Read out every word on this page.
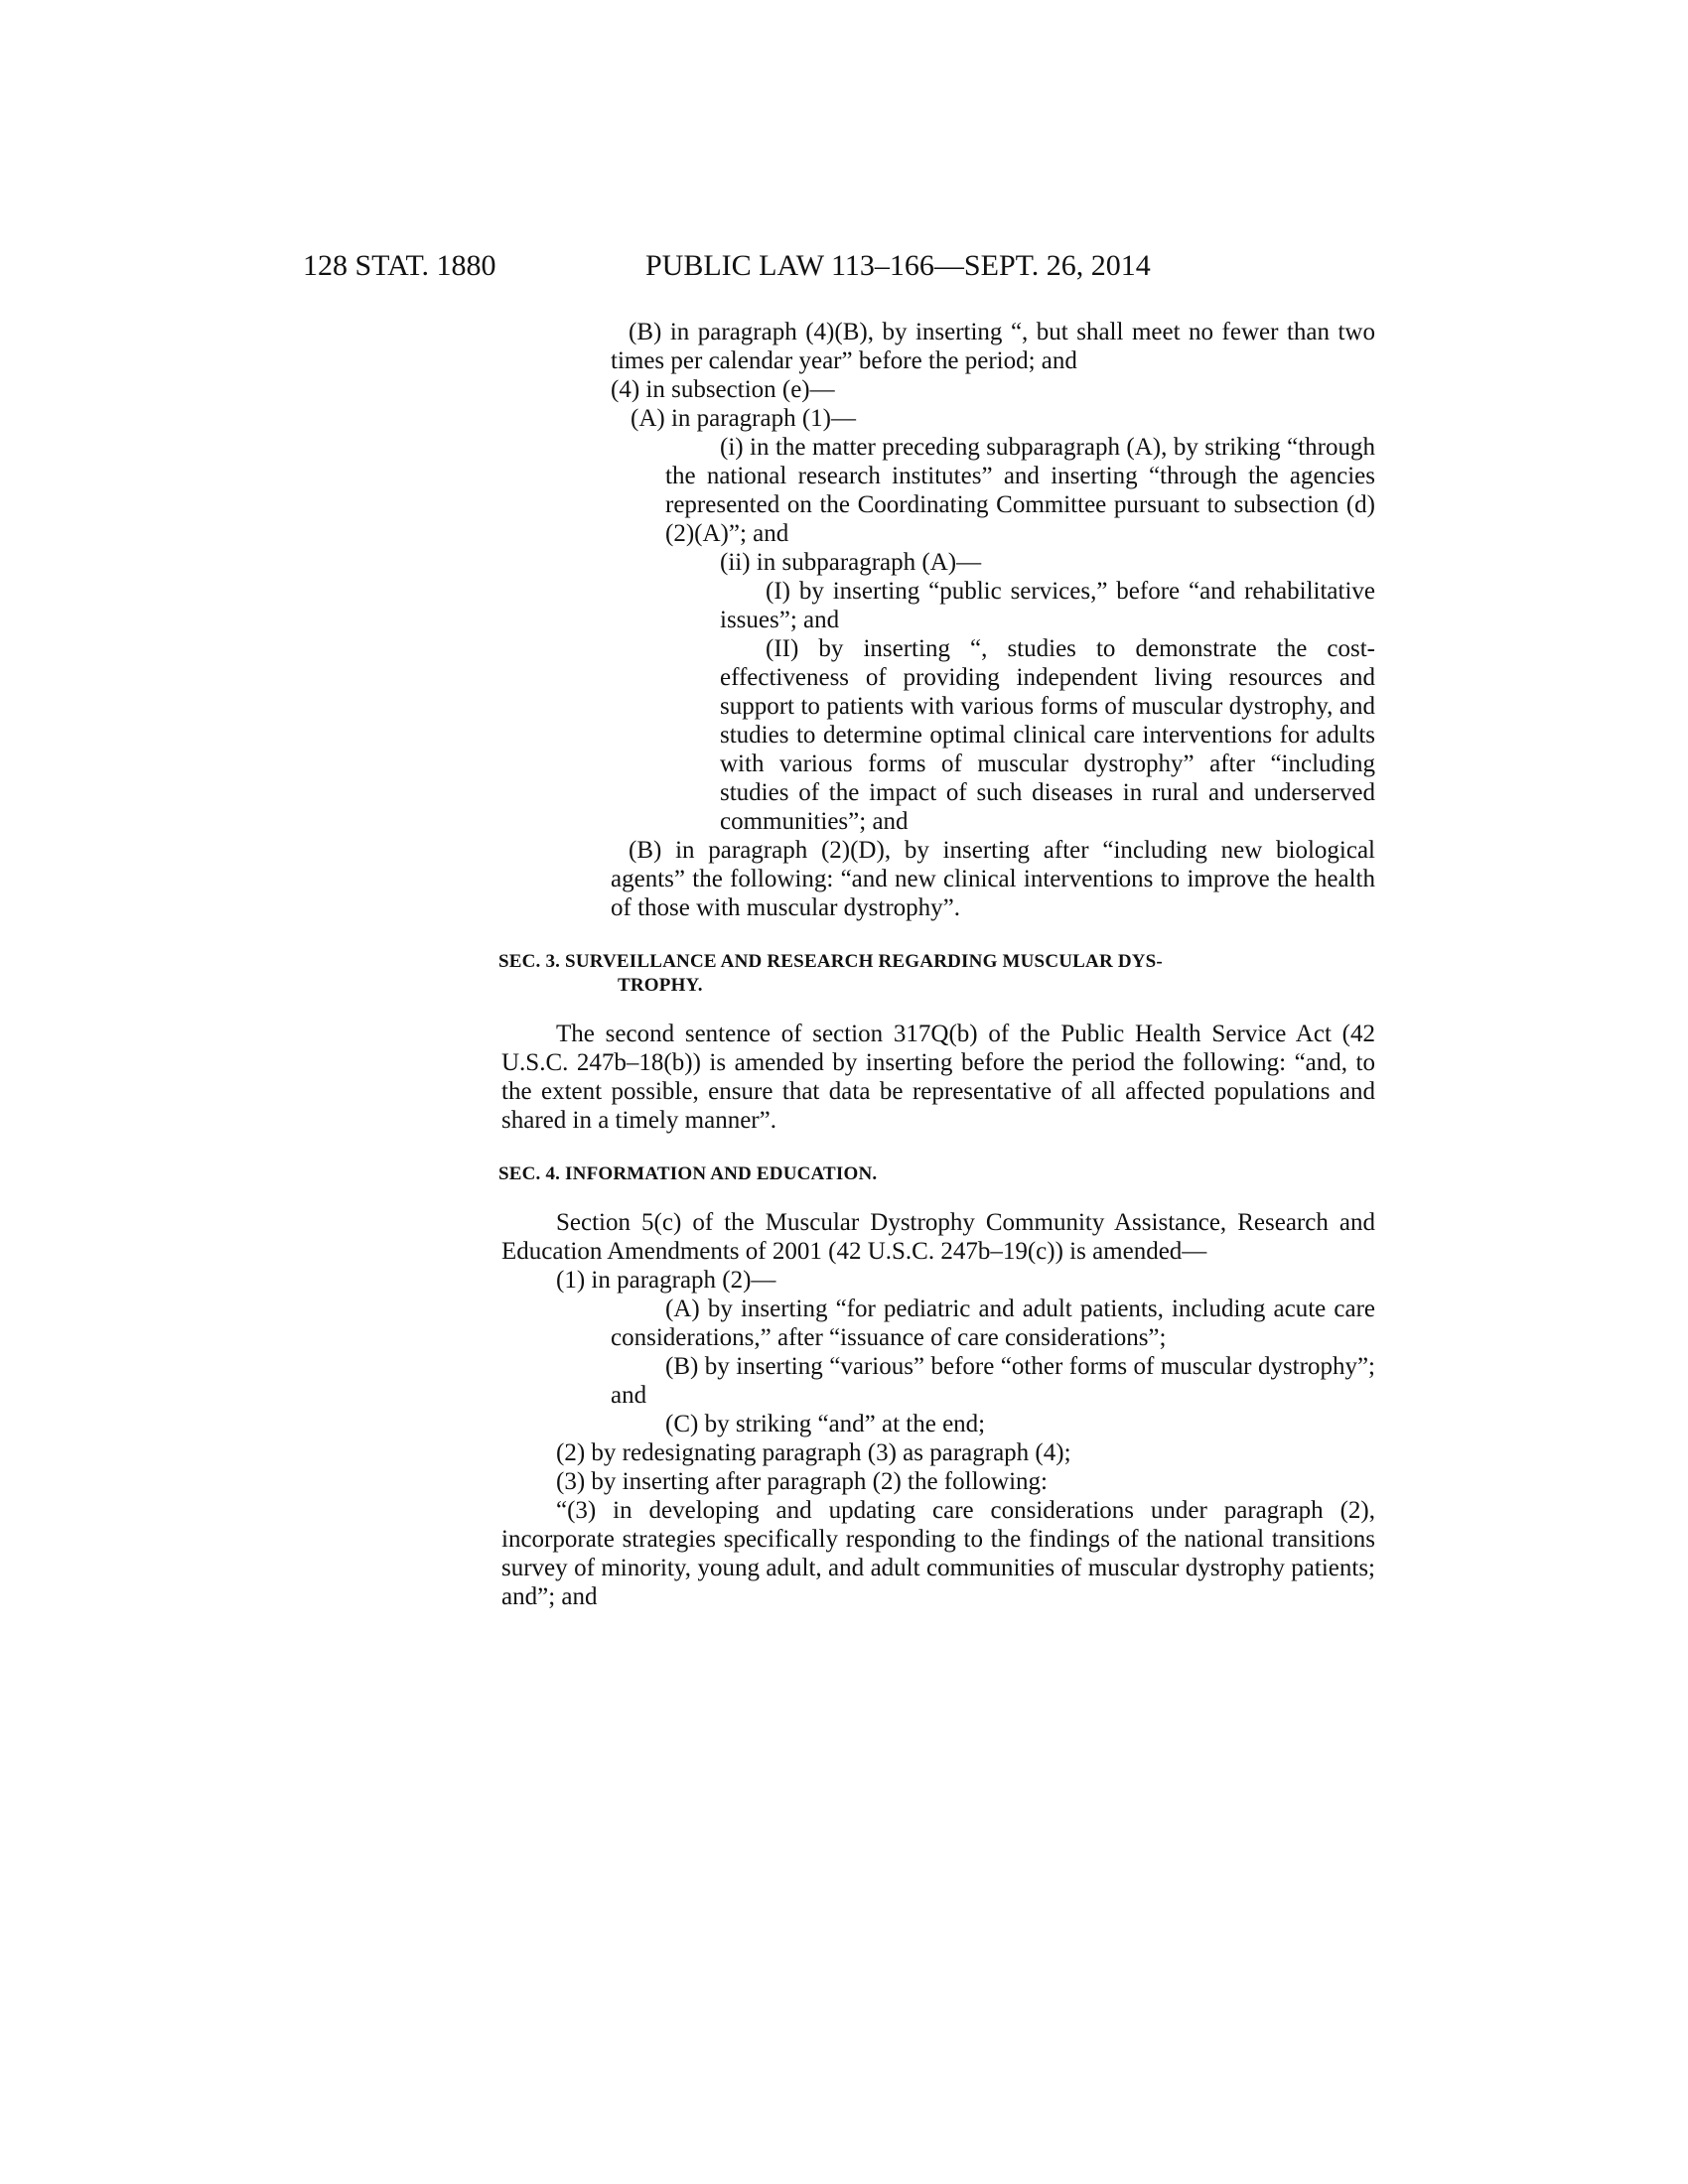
128 STAT. 1880	PUBLIC LAW 113–166—SEPT. 26, 2014

(B) in paragraph (4)(B), by inserting “, but shall meet no fewer than two times per calendar year” before the period; and

(4) in subsection (e)—

(A) in paragraph (1)—

(i) in the matter preceding subparagraph (A), by striking “through the national research institutes” and inserting “through the agencies represented on the Coordinating Committee pursuant to subsection (d)(2)(A)”; and

(ii) in subparagraph (A)—

(I) by inserting “public services,” before “and rehabilitative issues”; and

(II) by inserting “, studies to demonstrate the cost-effectiveness of providing independent living resources and support to patients with various forms of muscular dystrophy, and studies to determine optimal clinical care interventions for adults with various forms of muscular dystrophy” after “including studies of the impact of such diseases in rural and underserved communities”; and

(B) in paragraph (2)(D), by inserting after “including new biological agents” the following: “and new clinical interventions to improve the health of those with muscular dystrophy”.

SEC. 3. SURVEILLANCE AND RESEARCH REGARDING MUSCULAR DYS-
TROPHY.

The second sentence of section 317Q(b) of the Public Health Service Act (42 U.S.C. 247b–18(b)) is amended by inserting before the period the following: “and, to the extent possible, ensure that data be representative of all affected populations and shared in a timely manner”.

SEC. 4. INFORMATION AND EDUCATION.

Section 5(c) of the Muscular Dystrophy Community Assistance, Research and Education Amendments of 2001 (42 U.S.C. 247b–19(c)) is amended—

(1) in paragraph (2)—

(A) by inserting “for pediatric and adult patients, including acute care considerations,” after “issuance of care considerations”;

(B) by inserting “various” before “other forms of muscular dystrophy”; and

(C) by striking “and” at the end;

(2) by redesignating paragraph (3) as paragraph (4);

(3) by inserting after paragraph (2) the following:

“(3) in developing and updating care considerations under paragraph (2), incorporate strategies specifically responding to the findings of the national transitions survey of minority, young adult, and adult communities of muscular dystrophy patients; and”; and
